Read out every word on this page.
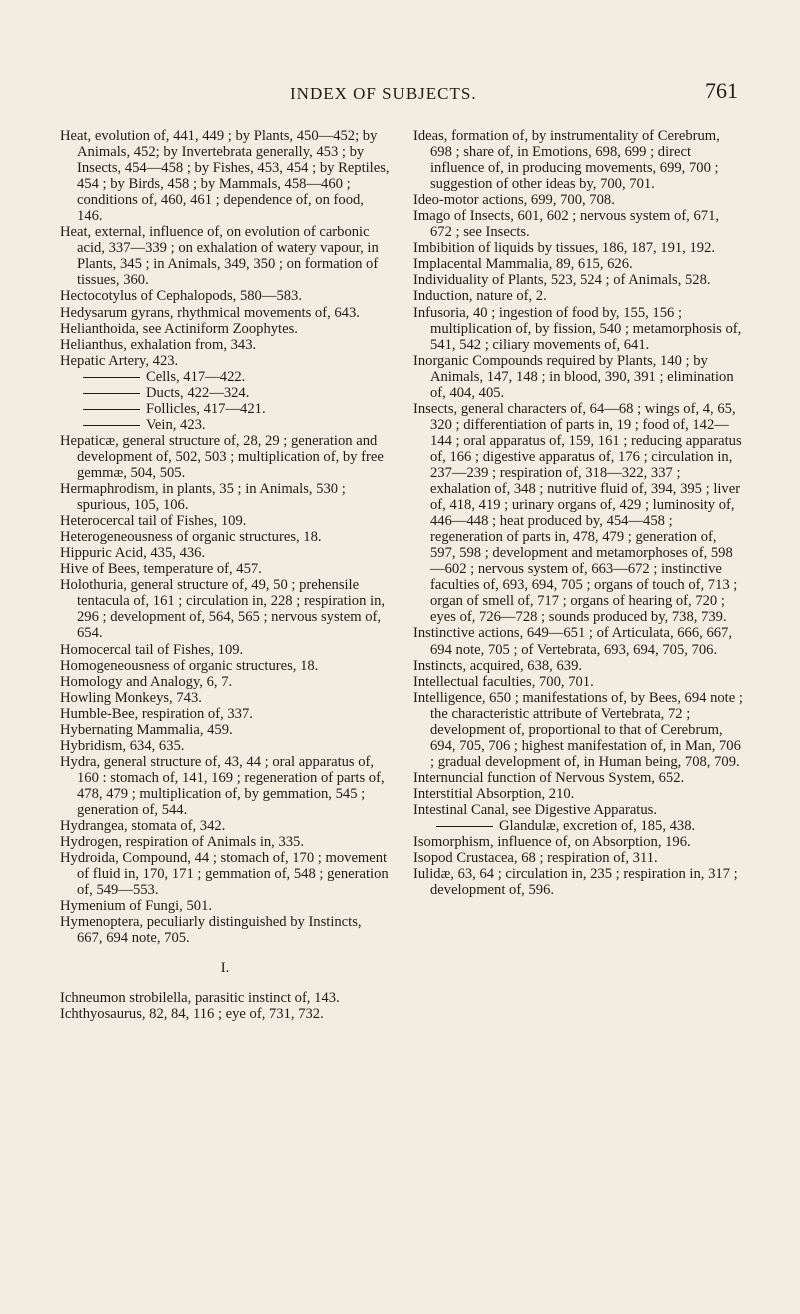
INDEX OF SUBJECTS.	761
Heat, evolution of, 441, 449 ; by Plants, 450—452; by Animals, 452; by Invertebrata generally, 453 ; by Insects, 454—458 ; by Fishes, 453, 454 ; by Reptiles, 454 ; by Birds, 458 ; by Mammals, 458—460 ; conditions of, 460, 461 ; dependence of, on food, 146.
Heat, external, influence of, on evolution of carbonic acid, 337—339 ; on exhalation of watery vapour, in Plants, 345 ; in Animals, 349, 350 ; on formation of tissues, 360.
Hectocotylus of Cephalopods, 580—583.
Hedysarum gyrans, rhythmical movements of, 643.
Helianthoida, see Actiniform Zoophytes.
Helianthus, exhalation from, 343.
Hepatic Artery, 423.
Cells, 417—422.
Ducts, 422—324.
Follicles, 417—421.
Vein, 423.
Hepaticæ, general structure of, 28, 29 ; generation and development of, 502, 503 ; multiplication of, by free gemmæ, 504, 505.
Hermaphrodism, in plants, 35 ; in Animals, 530 ; spurious, 105, 106.
Heterocercal tail of Fishes, 109.
Heterogeneousness of organic structures, 18.
Hippuric Acid, 435, 436.
Hive of Bees, temperature of, 457.
Holothuria, general structure of, 49, 50 ; prehensile tentacula of, 161 ; circulation in, 228 ; respiration in, 296 ; development of, 564, 565 ; nervous system of, 654.
Homocercal tail of Fishes, 109.
Homogeneousness of organic structures, 18.
Homology and Analogy, 6, 7.
Howling Monkeys, 743.
Humble-Bee, respiration of, 337.
Hybernating Mammalia, 459.
Hybridism, 634, 635.
Hydra, general structure of, 43, 44 ; oral apparatus of, 160 : stomach of, 141, 169 ; regeneration of parts of, 478, 479 ; multiplication of, by gemmation, 545 ; generation of, 544.
Hydrangea, stomata of, 342.
Hydrogen, respiration of Animals in, 335.
Hydroida, Compound, 44 ; stomach of, 170 ; movement of fluid in, 170, 171 ; gemmation of, 548 ; generation of, 549—553.
Hymenium of Fungi, 501.
Hymenoptera, peculiarly distinguished by Instincts, 667, 694 note, 705.
I.
Ichneumon strobilella, parasitic instinct of, 143.
Ichthyosaurus, 82, 84, 116 ; eye of, 731, 732.
Ideas, formation of, by instrumentality of Cerebrum, 698 ; share of, in Emotions, 698, 699 ; direct influence of, in producing movements, 699, 700 ; suggestion of other ideas by, 700, 701.
Ideo-motor actions, 699, 700, 708.
Imago of Insects, 601, 602 ; nervous system of, 671, 672 ; see Insects.
Imbibition of liquids by tissues, 186, 187, 191, 192.
Implacental Mammalia, 89, 615, 626.
Individuality of Plants, 523, 524 ; of Animals, 528.
Induction, nature of, 2.
Infusoria, 40 ; ingestion of food by, 155, 156 ; multiplication of, by fission, 540 ; metamorphosis of, 541, 542 ; ciliary movements of, 641.
Inorganic Compounds required by Plants, 140 ; by Animals, 147, 148 ; in blood, 390, 391 ; elimination of, 404, 405.
Insects, general characters of, 64—68 ; wings of, 4, 65, 320 ; differentiation of parts in, 19 ; food of, 142—144 ; oral apparatus of, 159, 161 ; reducing apparatus of, 166 ; digestive apparatus of, 176 ; circulation in, 237—239 ; respiration of, 318—322, 337 ; exhalation of, 348 ; nutritive fluid of, 394, 395 ; liver of, 418, 419 ; urinary organs of, 429 ; luminosity of, 446—448 ; heat produced by, 454—458 ; regeneration of parts in, 478, 479 ; generation of, 597, 598 ; development and metamorphoses of, 598—602 ; nervous system of, 663—672 ; instinctive faculties of, 693, 694, 705 ; organs of touch of, 713 ; organ of smell of, 717 ; organs of hearing of, 720 ; eyes of, 726—728 ; sounds produced by, 738, 739.
Instinctive actions, 649—651 ; of Articulata, 666, 667, 694 note, 705 ; of Vertebrata, 693, 694, 705, 706.
Instincts, acquired, 638, 639.
Intellectual faculties, 700, 701.
Intelligence, 650 ; manifestations of, by Bees, 694 note ; the characteristic attribute of Vertebrata, 72 ; development of, proportional to that of Cerebrum, 694, 705, 706 ; highest manifestation of, in Man, 706 ; gradual development of, in Human being, 708, 709.
Internuncial function of Nervous System, 652.
Interstitial Absorption, 210.
Intestinal Canal, see Digestive Apparatus.
Glandulæ, excretion of, 185, 438.
Isomorphism, influence of, on Absorption, 196.
Isopod Crustacea, 68 ; respiration of, 311.
Iulidæ, 63, 64 ; circulation in, 235 ; respiration in, 317 ; development of, 596.
